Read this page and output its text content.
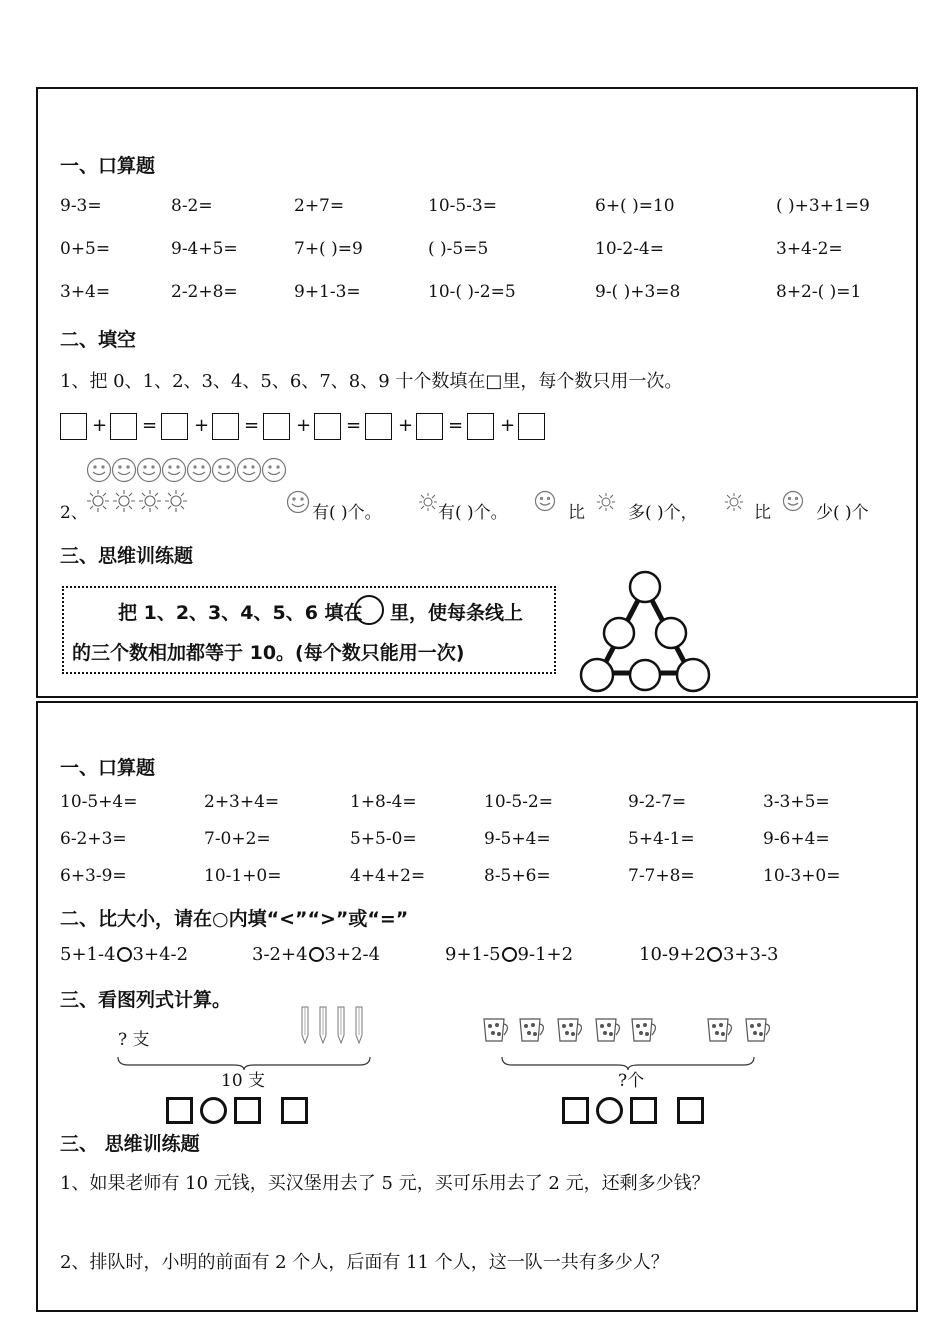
一、口算题
9-3=	8-2=	2+7=	10-5-3=	6+( )=10	( )+3+1=9
0+5=	9-4+5=	7+( )=9	( )-5=5	10-2-4=	3+4-2=
3+4=	2-2+8=	9+1-3=	10-( )-2=5	9-( )+3=8	8+2-( )=1
二、填空
1、把 0、1、2、3、4、5、6、7、8、9 十个数填在□里，每个数只用一次。
+ = + = + = + = +
2、	有( )个。	有( )个。	比	多( )个，	比	少( )个
三、思维训练题
把 1、2、3、4、5、6 填在 里，使每条线上
的三个数相加都等于 10。(每个数只能用一次)
一、口算题
10-5+4=	2+3+4=	1+8-4=	10-5-2=	9-2-7=	3-3+5=
6-2+3=	7-0+2=	5+5-0=	9-5+4=	5+4-1=	9-6+4=
6+3-9=	10-1+0=	4+4+2=	8-5+6=	7-7+8=	10-3+0=
二、比大小，请在○内填“<”“>”或“=”
5+1-4 3+4-2	3-2+4 3+2-4	9+1-5 9-1+2	10-9+2 3+3-3
三、看图列式计算。
? 支
10 支	?个
三、 思维训练题
1、如果老师有 10 元钱，买汉堡用去了 5 元，买可乐用去了 2 元，还剩多少钱？
2、排队时，小明的前面有 2 个人，后面有 11 个人，这一队一共有多少人？
